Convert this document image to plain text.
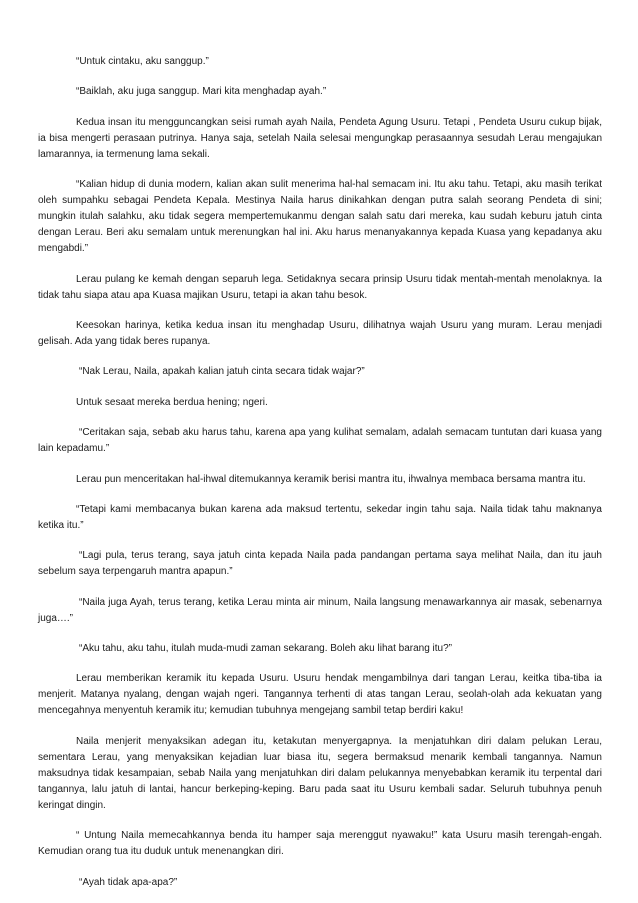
“Untuk cintaku, aku sanggup.”

“Baiklah, aku juga sanggup. Mari kita menghadap ayah.”

Kedua insan itu mengguncangkan seisi rumah ayah Naila, Pendeta Agung Usuru. Tetapi , Pendeta Usuru cukup bijak, ia bisa mengerti perasaan putrinya. Hanya saja, setelah Naila selesai mengungkap perasaannya sesudah Lerau mengajukan lamarannya, ia termenung lama sekali.

“Kalian hidup di dunia modern, kalian akan sulit menerima hal-hal semacam ini. Itu aku tahu. Tetapi, aku masih terikat oleh sumpahku sebagai Pendeta Kepala. Mestinya Naila harus dinikahkan dengan putra salah seorang Pendeta di sini; mungkin itulah salahku, aku tidak segera mempertemukanmu dengan salah satu dari mereka, kau sudah keburu jatuh cinta dengan Lerau. Beri aku semalam untuk merenungkan hal ini. Aku harus menanyakannya kepada Kuasa yang kepadanya aku mengabdi.”

Lerau pulang ke kemah dengan separuh lega. Setidaknya secara prinsip Usuru tidak mentah-mentah menolaknya. Ia tidak tahu siapa atau apa Kuasa majikan Usuru, tetapi ia akan tahu besok.

Keesokan harinya, ketika kedua insan itu menghadap Usuru, dilihatnya wajah Usuru yang muram. Lerau menjadi gelisah. Ada yang tidak beres rupanya.

“Nak Lerau, Naila, apakah kalian jatuh cinta secara tidak wajar?”

Untuk sesaat mereka berdua hening; ngeri.

“Ceritakan saja, sebab aku harus tahu, karena apa yang kulihat semalam, adalah semacam tuntutan dari kuasa yang lain kepadamu.”

Lerau pun menceritakan hal-ihwal ditemukannya keramik berisi mantra itu, ihwalnya membaca bersama mantra itu.

“Tetapi kami membacanya bukan karena ada maksud tertentu, sekedar ingin tahu saja. Naila tidak tahu maknanya ketika itu.”

“Lagi pula, terus terang, saya jatuh cinta kepada Naila pada pandangan pertama saya melihat Naila, dan itu jauh sebelum saya terpengaruh mantra apapun.”

“Naila juga Ayah, terus terang, ketika Lerau minta air minum, Naila langsung menawarkannya air masak, sebenarnya juga….”

“Aku tahu, aku tahu, itulah muda-mudi zaman sekarang. Boleh aku lihat barang itu?”

Lerau memberikan keramik itu kepada Usuru. Usuru hendak mengambilnya dari tangan Lerau, keitka tiba-tiba ia menjerit. Matanya nyalang, dengan wajah ngeri. Tangannya terhenti di atas tangan Lerau, seolah-olah ada kekuatan yang mencegahnya menyentuh keramik itu; kemudian tubuhnya mengejang sambil tetap berdiri kaku!

Naila menjerit menyaksikan adegan itu, ketakutan menyergapnya. Ia menjatuhkan diri dalam pelukan Lerau, sementara Lerau, yang menyaksikan kejadian luar biasa itu, segera bermaksud menarik kembali tangannya. Namun maksudnya tidak kesampaian, sebab Naila yang menjatuhkan diri dalam pelukannya menyebabkan keramik itu terpental dari tangannya, lalu jatuh di lantai, hancur berkeping-keping. Baru pada saat itu Usuru kembali sadar. Seluruh tubuhnya penuh keringat dingin.

“ Untung Naila memecahkannya benda itu hamper saja merenggut nyawaku!” kata Usuru masih terengah-engah. Kemudian orang tua itu duduk untuk menenangkan diri.

“Ayah tidak apa-apa?”
